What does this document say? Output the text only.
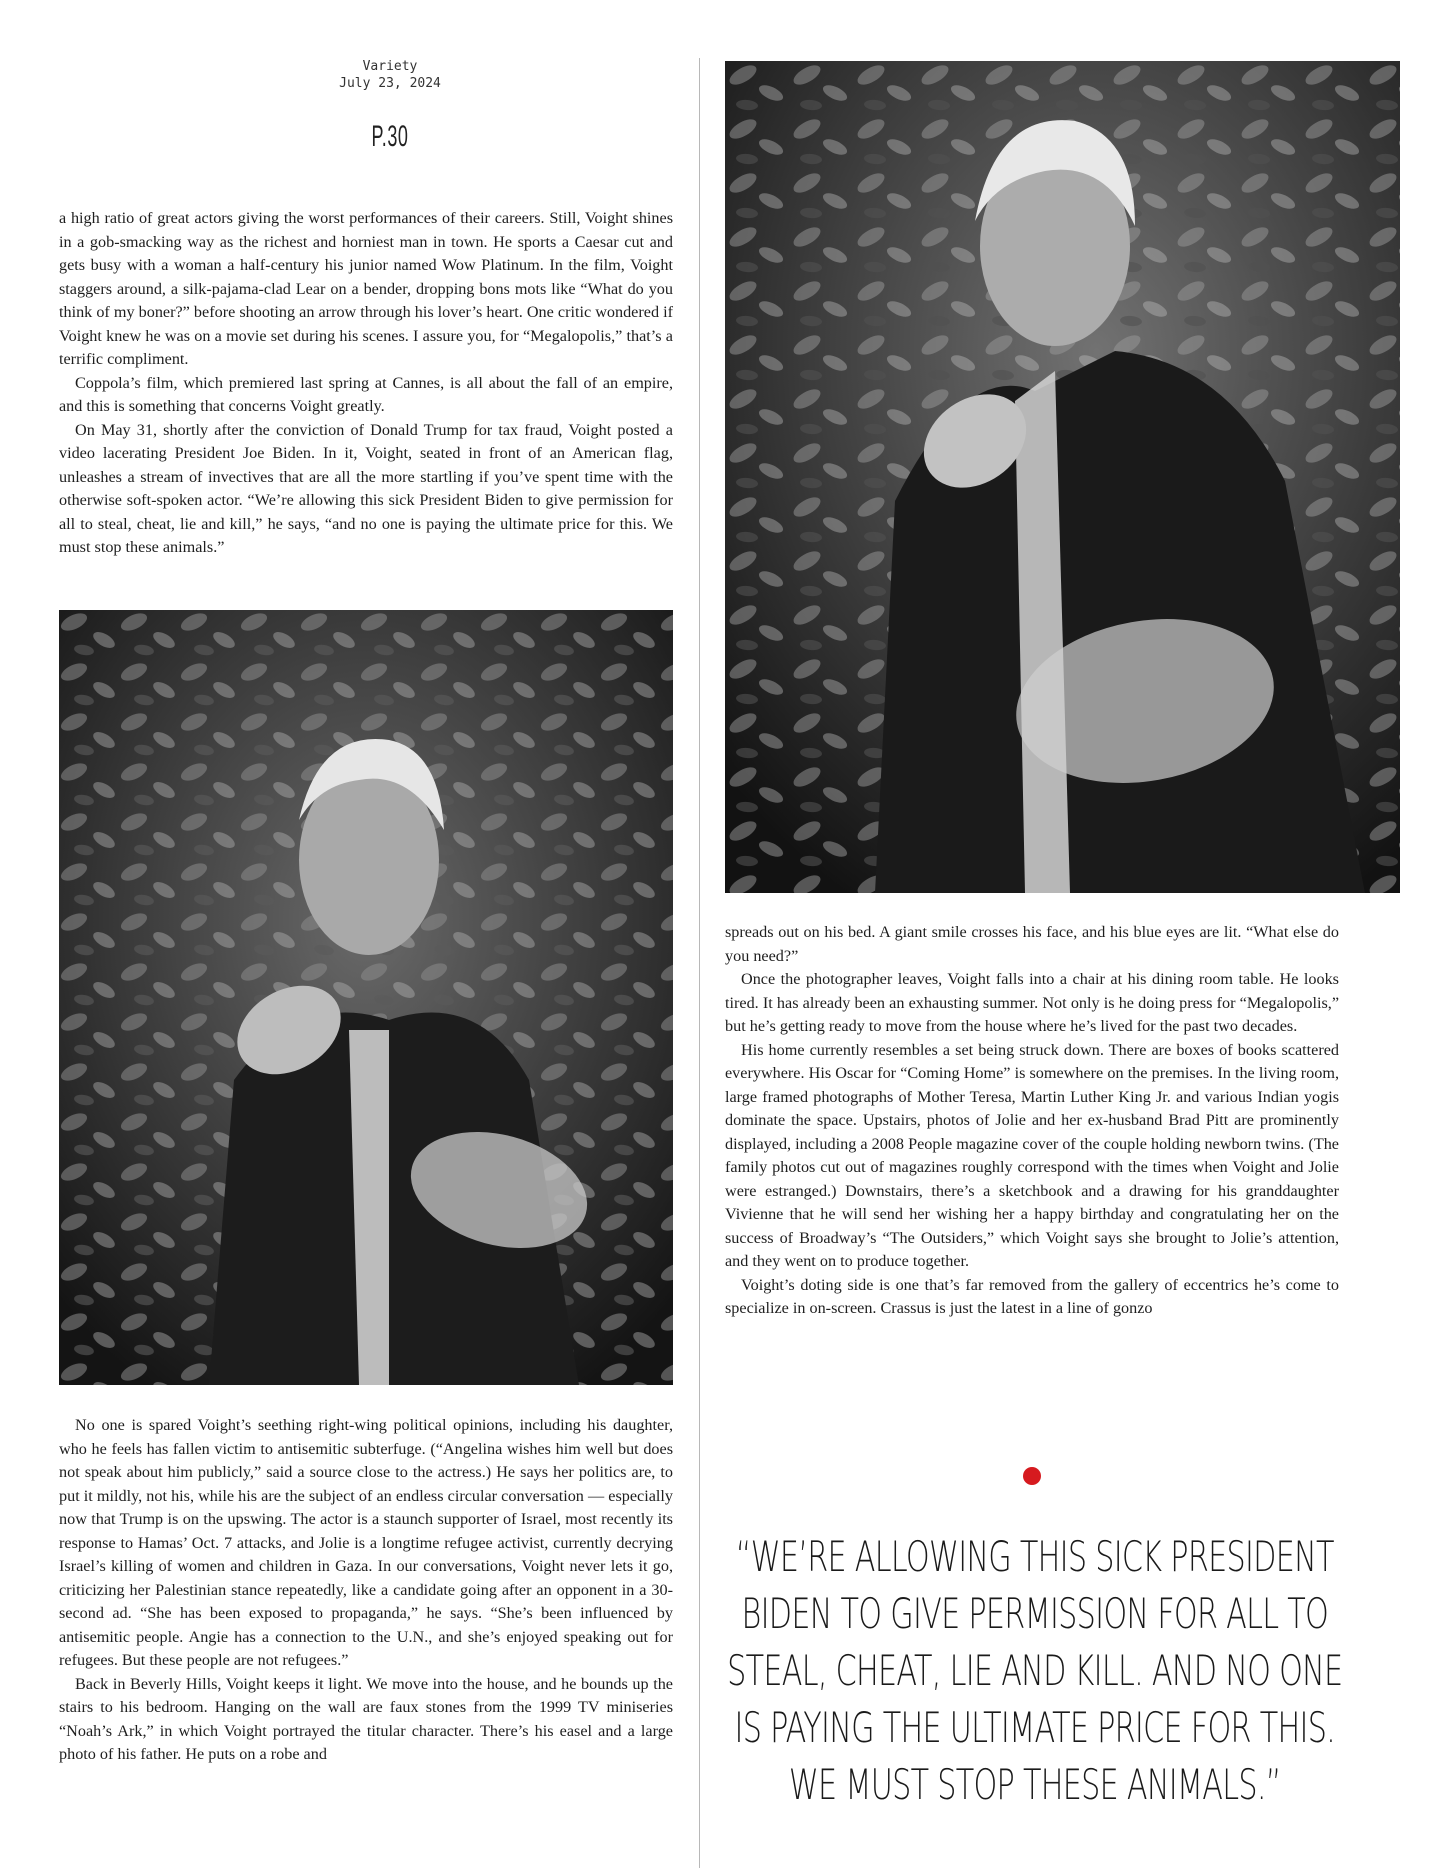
Variety
July 23, 2024
P.30

a high ratio of great actors giving the worst performances of their careers. Still, Voight shines in a gob-smacking way as the richest and horniest man in town. He sports a Caesar cut and gets busy with a woman a half-century his junior named Wow Platinum. In the film, Voight staggers around, a silk-pajama-clad Lear on a bender, dropping bons mots like “What do you think of my boner?” before shooting an arrow through his lover’s heart. One critic wondered if Voight knew he was on a movie set during his scenes. I assure you, for “Megalopolis,” that’s a terrific compliment.

Coppola’s film, which premiered last spring at Cannes, is all about the fall of an empire, and this is something that concerns Voight greatly.

On May 31, shortly after the conviction of Donald Trump for tax fraud, Voight posted a video lacerating President Joe Biden. In it, Voight, seated in front of an American flag, unleashes a stream of invectives that are all the more startling if you’ve spent time with the otherwise soft-spoken actor. “We’re allowing this sick President Biden to give permission for all to steal, cheat, lie and kill,” he says, “and no one is paying the ultimate price for this. We must stop these animals.”

No one is spared Voight’s seething right-wing political opinions, including his daughter, who he feels has fallen victim to antisemitic subterfuge. (“Angelina wishes him well but does not speak about him publicly,” said a source close to the actress.) He says her politics are, to put it mildly, not his, while his are the subject of an endless circular conversation — especially now that Trump is on the upswing. The actor is a staunch supporter of Israel, most recently its response to Hamas’ Oct. 7 attacks, and Jolie is a longtime refugee activist, currently decrying Israel’s killing of women and children in Gaza. In our conversations, Voight never lets it go, criticizing her Palestinian stance repeatedly, like a candidate going after an opponent in a 30-second ad. “She has been exposed to propaganda,” he says. “She’s been influenced by antisemitic people. Angie has a connection to the U.N., and she’s enjoyed speaking out for refugees. But these people are not refugees.”

Back in Beverly Hills, Voight keeps it light. We move into the house, and he bounds up the stairs to his bedroom. Hanging on the wall are faux stones from the 1999 TV miniseries “Noah’s Ark,” in which Voight portrayed the titular character. There’s his easel and a large photo of his father. He puts on a robe and

spreads out on his bed. A giant smile crosses his face, and his blue eyes are lit. “What else do you need?”

Once the photographer leaves, Voight falls into a chair at his dining room table. He looks tired. It has already been an exhausting summer. Not only is he doing press for “Megalopolis,” but he’s getting ready to move from the house where he’s lived for the past two decades.

His home currently resembles a set being struck down. There are boxes of books scattered everywhere. His Oscar for “Coming Home” is somewhere on the premises. In the living room, large framed photographs of Mother Teresa, Martin Luther King Jr. and various Indian yogis dominate the space. Upstairs, photos of Jolie and her ex-husband Brad Pitt are prominently displayed, including a 2008 People magazine cover of the couple holding newborn twins. (The family photos cut out of magazines roughly correspond with the times when Voight and Jolie were estranged.) Downstairs, there’s a sketchbook and a drawing for his granddaughter Vivienne that he will send her wishing her a happy birthday and congratulating her on the success of Broadway’s “The Outsiders,” which Voight says she brought to Jolie’s attention, and they went on to produce together.

Voight’s doting side is one that’s far removed from the gallery of eccentrics he’s come to specialize in on-screen. Crassus is just the latest in a line of gonzo

“WE’RE ALLOWING THIS SICK PRESIDENT BIDEN TO GIVE PERMISSION FOR ALL TO STEAL, CHEAT, LIE AND KILL. AND NO ONE IS PAYING THE ULTIMATE PRICE FOR THIS. WE MUST STOP THESE ANIMALS.”
